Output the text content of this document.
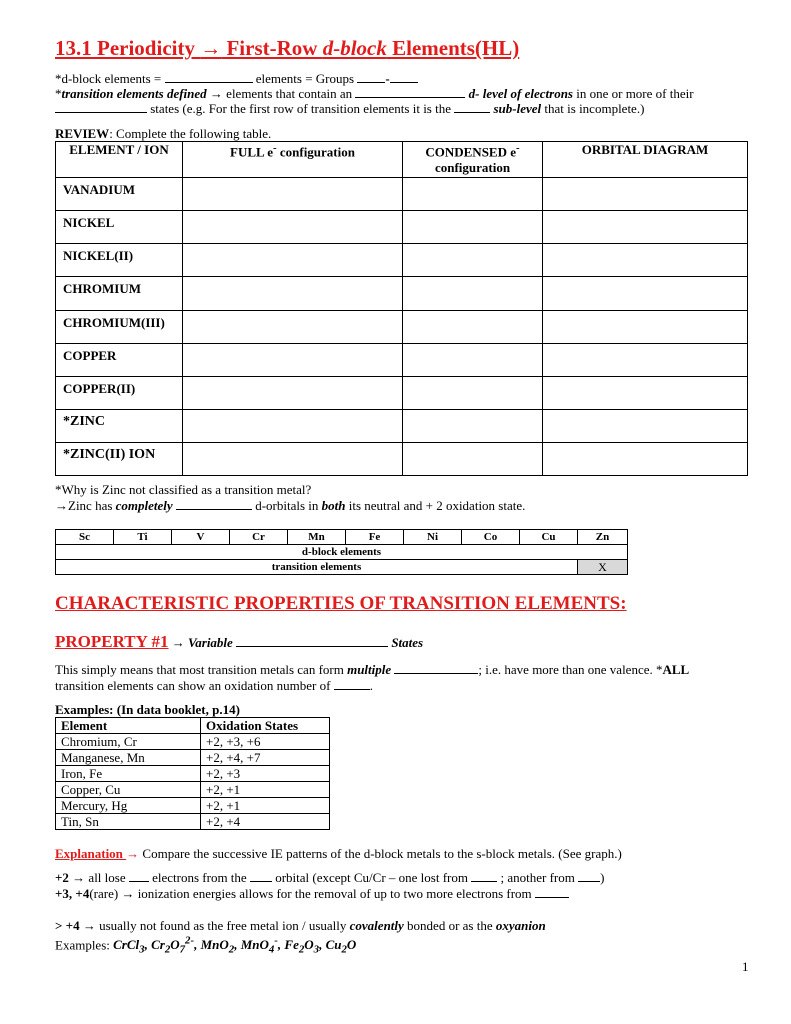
13.1 Periodicity → First-Row d-block Elements(HL)
*d-block elements =	elements = Groups -
*transition elements defined → elements that contain an	d- level of electrons in one or more of their
states (e.g. For the first row of transition elements it is the	sub-level that is incomplete.)
REVIEW: Complete the following table.
ELEMENT / ION	FULL e- configuration	CONDENSED e-
configuration	ORBITAL DIAGRAM
VANADIUM			
NICKEL			
NICKEL(II)			
CHROMIUM			
CHROMIUM(III)			
COPPER			
COPPER(II)			
*ZINC			
*ZINC(II) ION			
*Why is Zinc not classified as a transition metal?
→Zinc has completely	d-orbitals in both its neutral and + 2 oxidation state.
Sc	Ti	V	Cr	Mn	Fe	Ni	Co	Cu	Zn
d-block elements									
transition elements									X
CHARACTERISTIC PROPERTIES OF TRANSITION ELEMENTS:
PROPERTY #1 → Variable	States
This simply means that most transition metals can form multiple	; i.e. have more than one valence. *ALL
transition elements can show an oxidation number of	.
Examples: (In data booklet, p.14)
Element	Oxidation States
Chromium, Cr	+2, +3, +6
Manganese, Mn	+2, +4, +7
Iron, Fe	+2, +3
Copper, Cu	+2, +1
Mercury, Hg	+2, +1
Tin, Sn	+2, +4
Explanation → Compare the successive IE patterns of the d-block metals to the s-block metals. (See graph.)
+2 → all lose  electrons from the  orbital (except Cu/Cr – one lost from  ; another from )
+3, +4(rare) → ionization energies allows for the removal of up to two more electrons from
> +4 → usually not found as the free metal ion / usually covalently bonded or as the oxyanion
Examples: CrCl$_3$, $Cr_2O_7^{2-}$, MnO$_2$, MnO$_4$-, $Fe_2O_3$, $Cu_2O$
1
